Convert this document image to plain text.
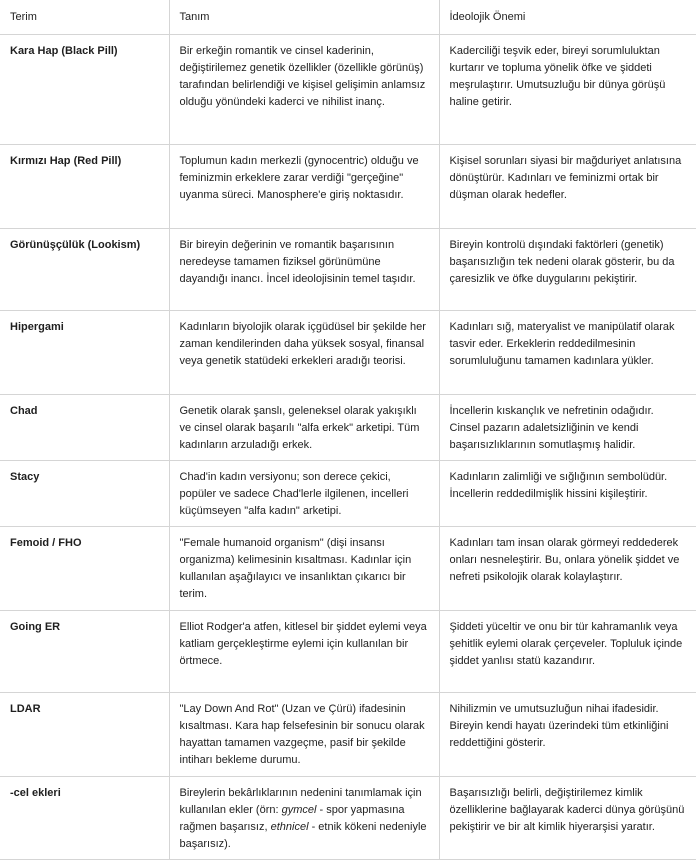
Terim	Tanım	İdeolojik Önemi
Kara Hap (Black Pill)	Bir erkeğin romantik ve cinsel kaderinin, değiştirilemez genetik özellikler (özellikle görünüş) tarafından belirlendiği ve kişisel gelişimin anlamsız olduğu yönündeki kaderci ve nihilist inanç.	Kaderciliği teşvik eder, bireyi sorumluluktan kurtarır ve topluma yönelik öfke ve şiddeti meşrulaştırır. Umutsuzluğu bir dünya görüşü haline getirir.
Kırmızı Hap (Red Pill)	Toplumun kadın merkezli (gynocentric) olduğu ve feminizmin erkeklere zarar verdiği "gerçeğine" uyanma süreci. Manosphere'e giriş noktasıdır.	Kişisel sorunları siyasi bir mağduriyet anlatısına dönüştürür. Kadınları ve feminizmi ortak bir düşman olarak hedefler.
Görünüşçülük (Lookism)	Bir bireyin değerinin ve romantik başarısının neredeyse tamamen fiziksel görünümüne dayandığı inancı. İncel ideolojisinin temel taşıdır.	Bireyin kontrolü dışındaki faktörleri (genetik) başarısızlığın tek nedeni olarak gösterir, bu da çaresizlik ve öfke duygularını pekiştirir.
Hipergami	Kadınların biyolojik olarak içgüdüsel bir şekilde her zaman kendilerinden daha yüksek sosyal, finansal veya genetik statüdeki erkekleri aradığı teorisi.	Kadınları sığ, materyalist ve manipülatif olarak tasvir eder. Erkeklerin reddedilmesinin sorumluluğunu tamamen kadınlara yükler.
Chad	Genetik olarak şanslı, geleneksel olarak yakışıklı ve cinsel olarak başarılı "alfa erkek" arketipi. Tüm kadınların arzuladığı erkek.	İncellerin kıskançlık ve nefretinin odağıdır. Cinsel pazarın adaletsizliğinin ve kendi başarısızlıklarının somutlaşmış halidir.
Stacy	Chad'in kadın versiyonu; son derece çekici, popüler ve sadece Chad'lerle ilgilenen, incelleri küçümseyen "alfa kadın" arketipi.	Kadınların zalimliği ve sığlığının sembolüdür. İncellerin reddedilmişlik hissini kişileştirir.
Femoid / FHO	"Female humanoid organism" (dişi insansı organizma) kelimesinin kısaltması. Kadınlar için kullanılan aşağılayıcı ve insanlıktan çıkarıcı bir terim.	Kadınları tam insan olarak görmeyi reddederek onları nesneleştirir. Bu, onlara yönelik şiddet ve nefreti psikolojik olarak kolaylaştırır.
Going ER	Elliot Rodger'a atfen, kitlesel bir şiddet eylemi veya katliam gerçekleştirme eylemi için kullanılan bir örtmece.	Şiddeti yüceltir ve onu bir tür kahramanlık veya şehitlik eylemi olarak çerçeveler. Topluluk içinde şiddet yanlısı statü kazandırır.
LDAR	"Lay Down And Rot" (Uzan ve Çürü) ifadesinin kısaltması. Kara hap felsefesinin bir sonucu olarak hayattan tamamen vazgeçme, pasif bir şekilde intiharı bekleme durumu.	Nihilizmin ve umutsuzluğun nihai ifadesidir. Bireyin kendi hayatı üzerindeki tüm etkinliğini reddettiğini gösterir.
-cel ekleri	Bireylerin bekârlıklarının nedenini tanımlamak için kullanılan ekler (örn: gymcel - spor yapmasına rağmen başarısız, ethnicel - etnik kökeni nedeniyle başarısız).	Başarısızlığı belirli, değiştirilemez kimlik özelliklerine bağlayarak kaderci dünya görüşünü pekiştirir ve bir alt kimlik hiyerarşisi yaratır.
